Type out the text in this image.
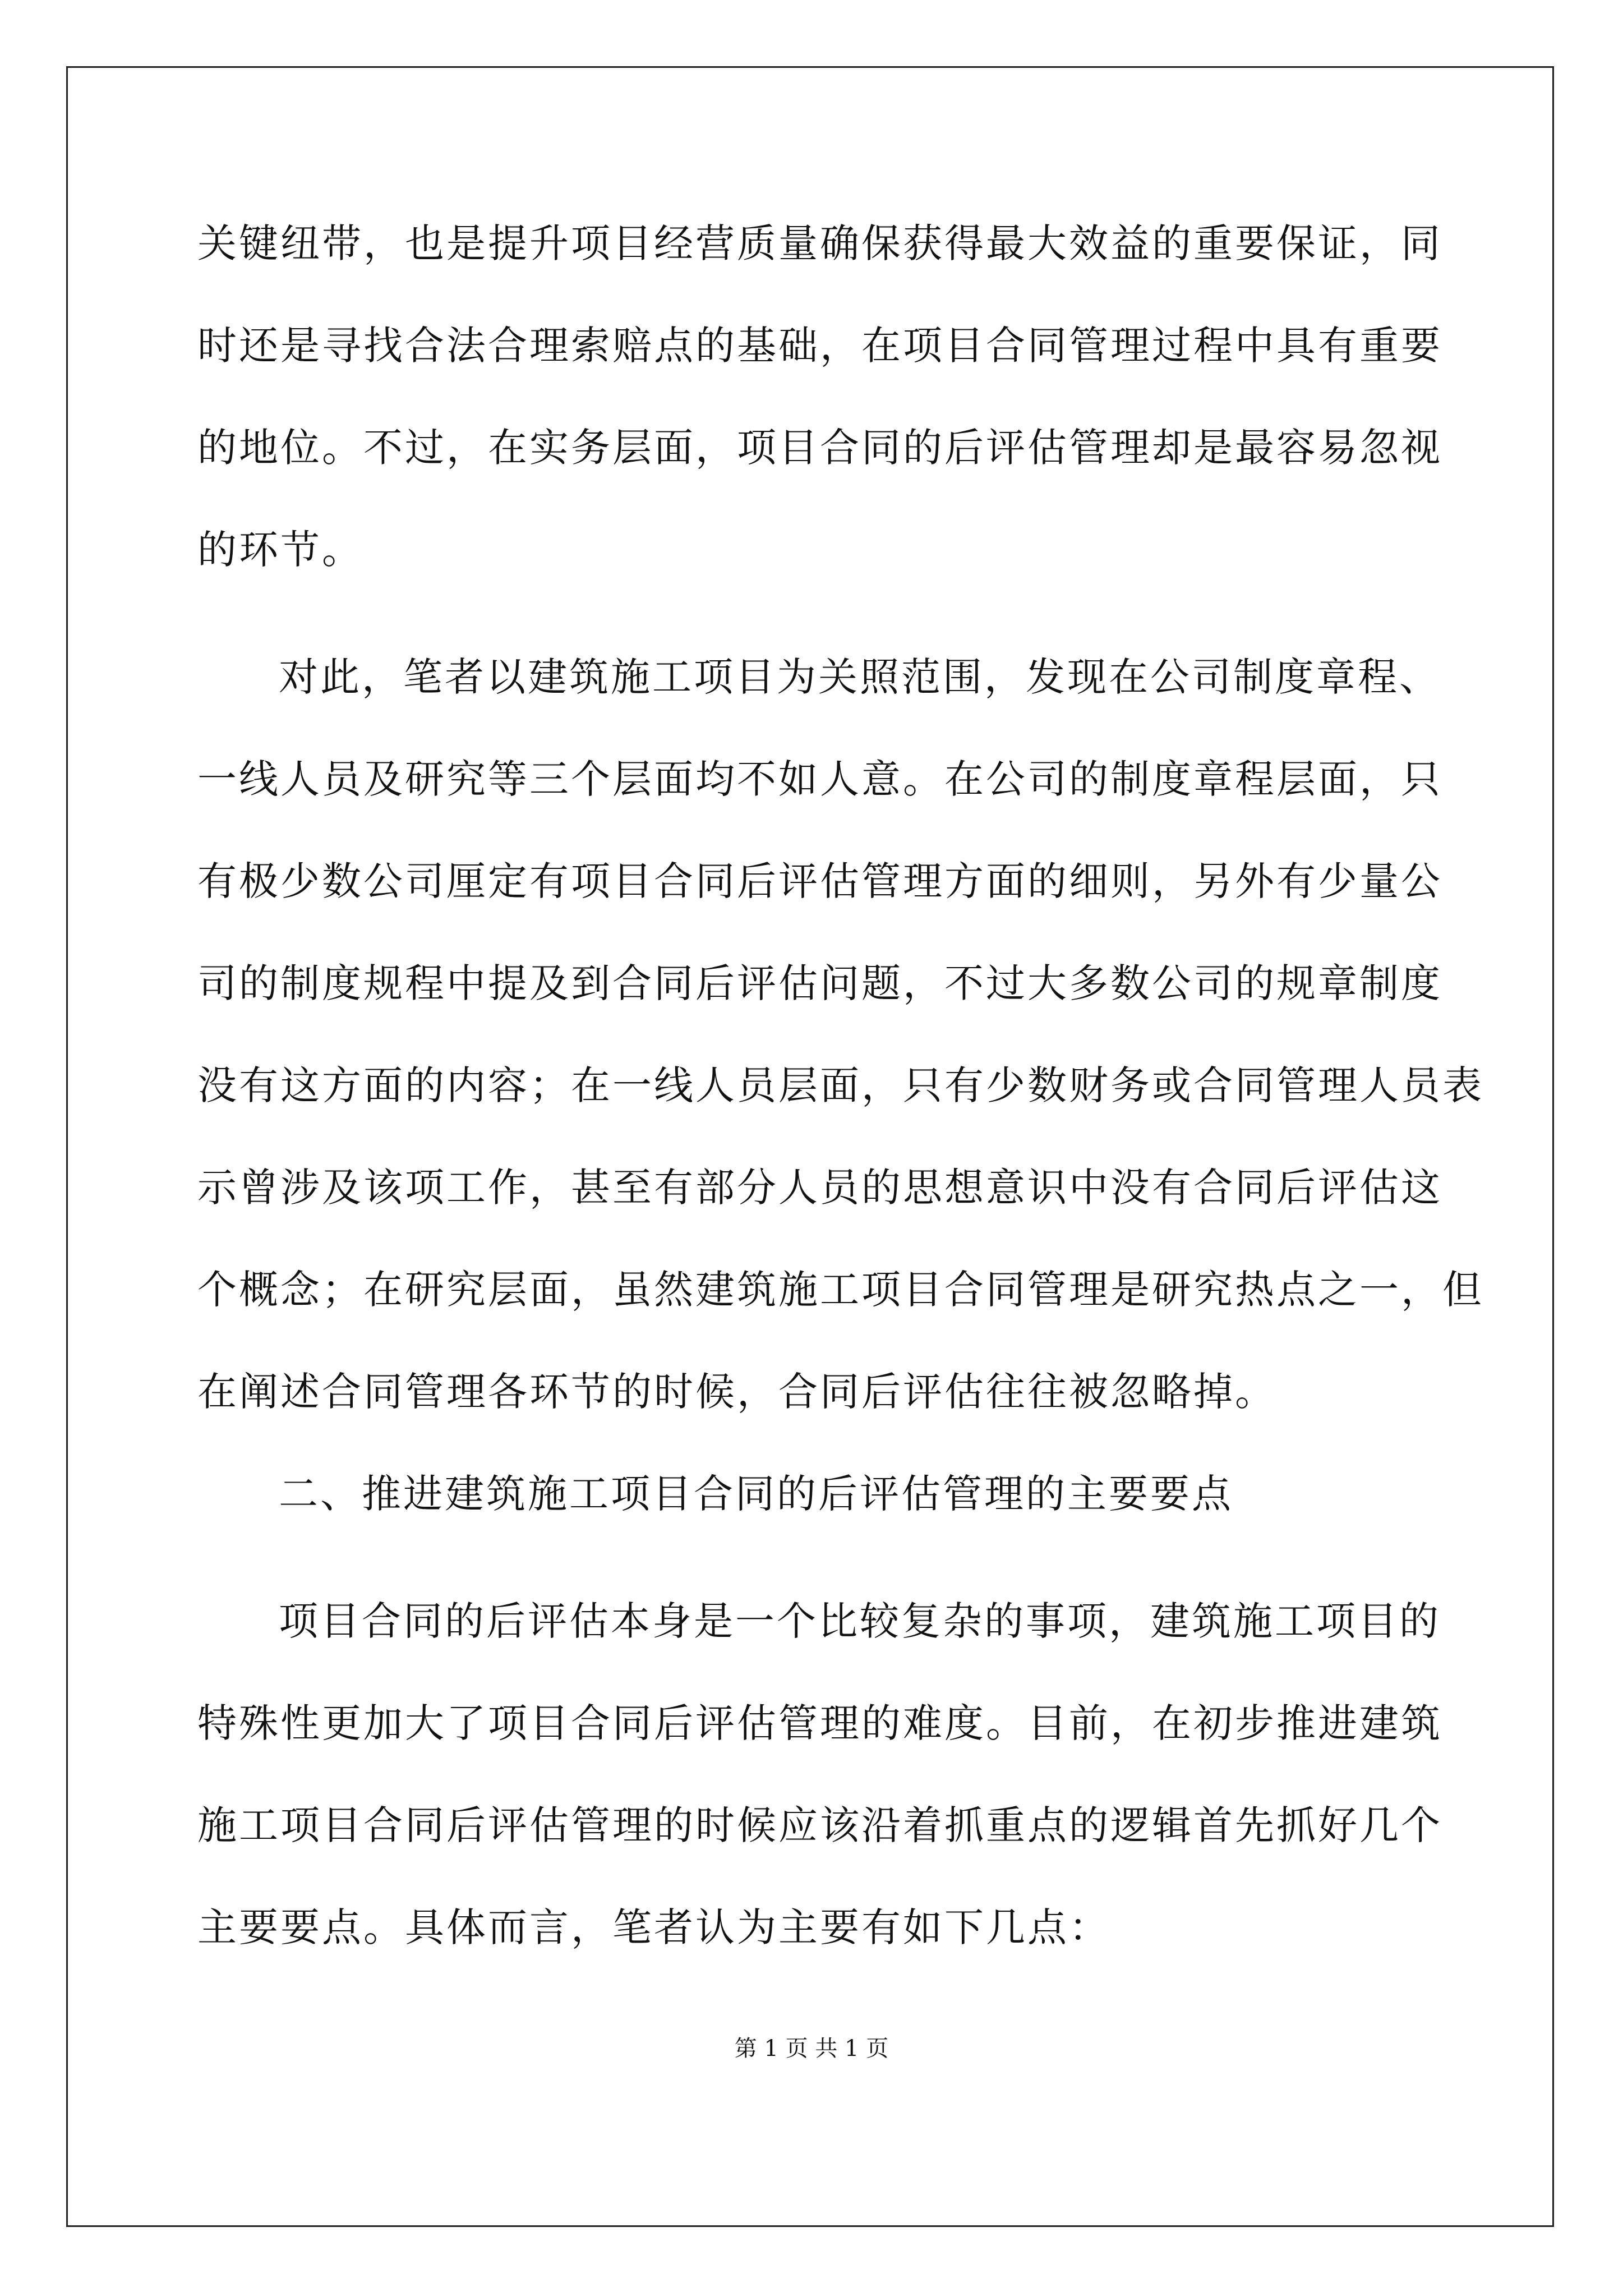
关键纽带，也是提升项目经营质量确保获得最大效益的重要保证，同
时还是寻找合法合理索赔点的基础，在项目合同管理过程中具有重要
的地位。不过，在实务层面，项目合同的后评估管理却是最容易忽视
的环节。
对此，笔者以建筑施工项目为关照范围，发现在公司制度章程、
一线人员及研究等三个层面均不如人意。在公司的制度章程层面，只
有极少数公司厘定有项目合同后评估管理方面的细则，另外有少量公
司的制度规程中提及到合同后评估问题，不过大多数公司的规章制度
没有这方面的内容；在一线人员层面，只有少数财务或合同管理人员表
示曾涉及该项工作，甚至有部分人员的思想意识中没有合同后评估这
个概念；在研究层面，虽然建筑施工项目合同管理是研究热点之一，但
在阐述合同管理各环节的时候，合同后评估往往被忽略掉。
二、推进建筑施工项目合同的后评估管理的主要要点
项目合同的后评估本身是一个比较复杂的事项，建筑施工项目的
特殊性更加大了项目合同后评估管理的难度。目前，在初步推进建筑
施工项目合同后评估管理的时候应该沿着抓重点的逻辑首先抓好几个
主要要点。具体而言，笔者认为主要有如下几点：
第 1 页 共 1 页
